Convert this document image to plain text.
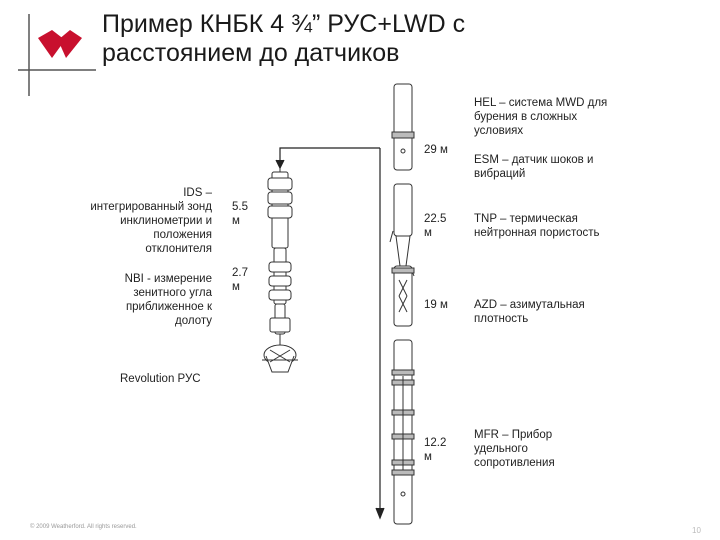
Пример КНБК 4 ¾” РУС+LWD с
расстоянием до датчиков
IDS –
интегрированный зонд
инклинометрии и
положения
отклонителя
NBI - измерение
зенитного угла
приближенное к
долоту
Revolution РУС
5.5
м
2.7
м
29 м
22.5
м
19 м
12.2
м
HEL – система MWD для
бурения в сложных
условиях
ESM – датчик шоков и
вибраций
TNP – термическая
нейтронная пористость
AZD – азимутальная
плотность
MFR – Прибор
удельного
сопротивления
© 2009 Weatherford. All rights reserved.	10
